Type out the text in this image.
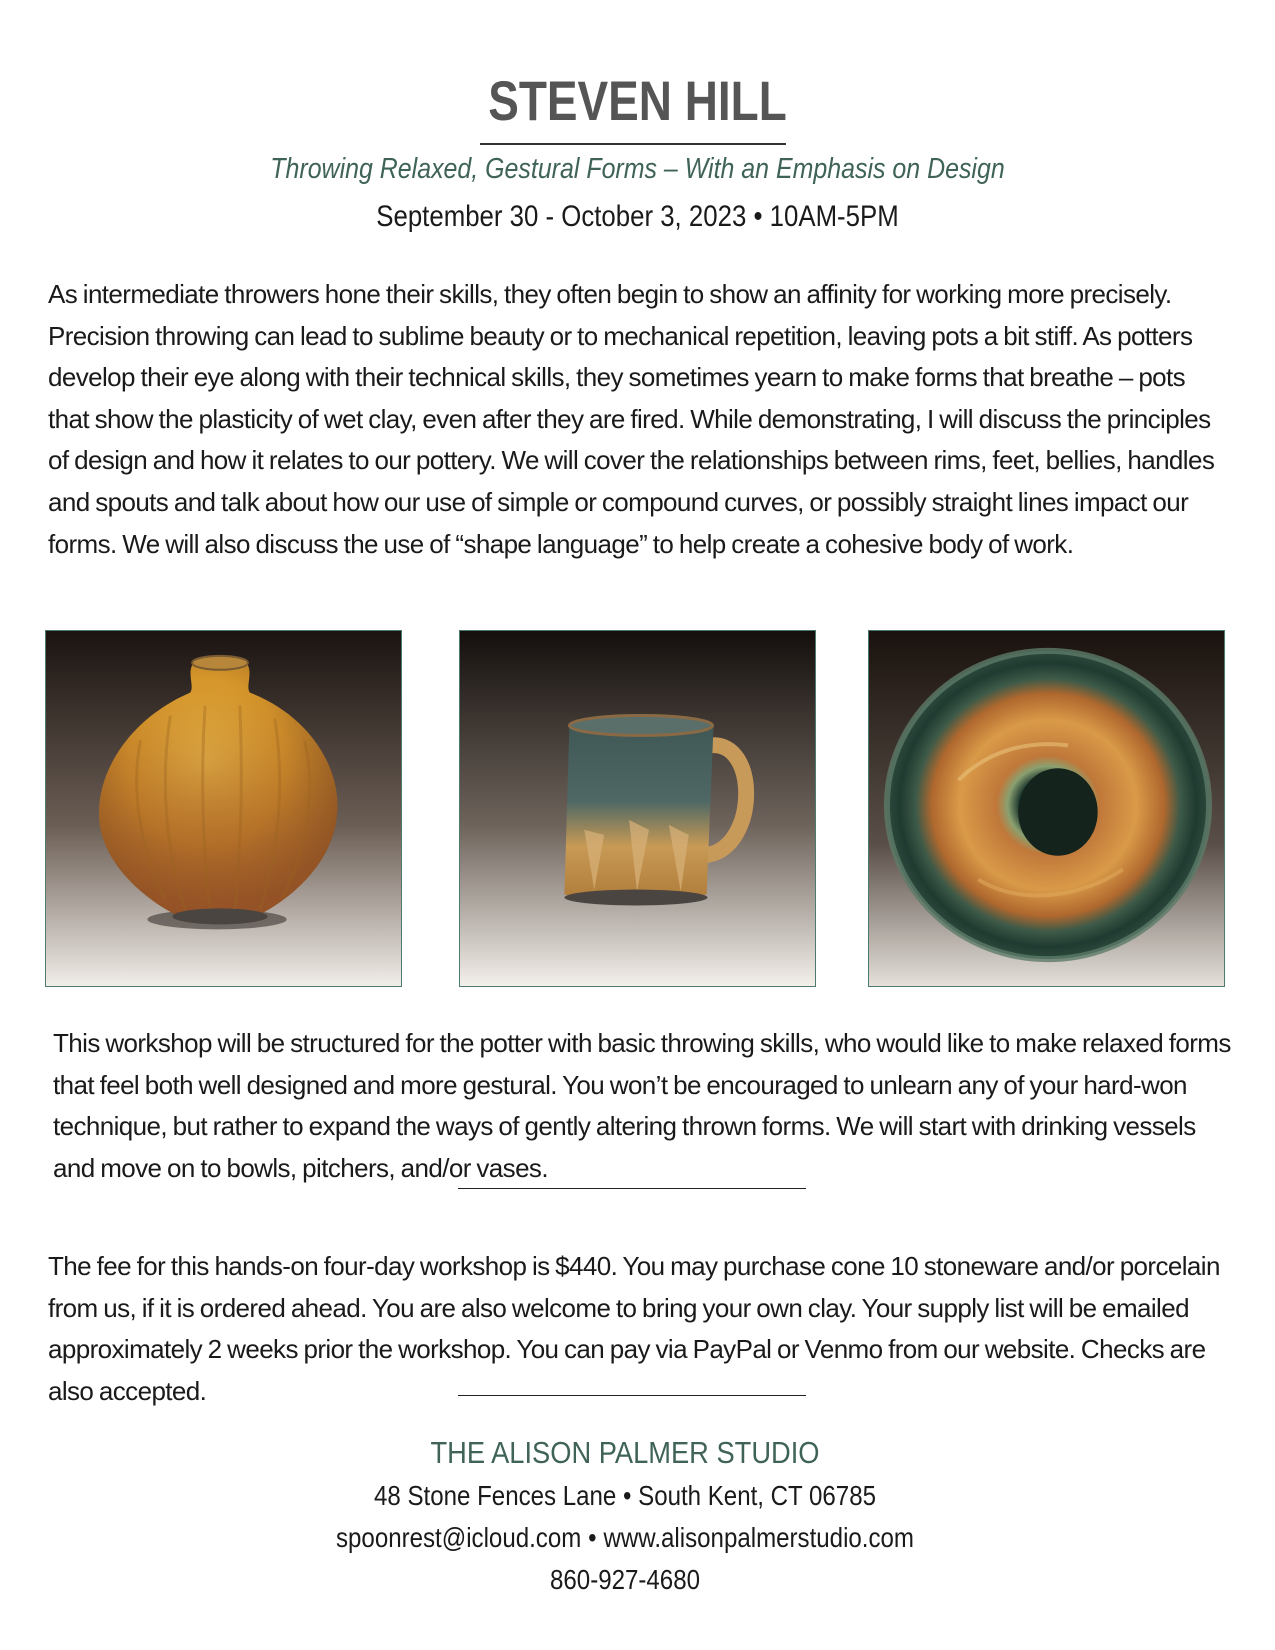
STEVEN HILL
Throwing Relaxed, Gestural Forms – With an Emphasis on Design
September 30 - October 3, 2023 • 10AM-5PM
As intermediate throwers hone their skills, they often begin to show an affinity for working more precisely. Precision throwing can lead to sublime beauty or to mechanical repetition, leaving pots a bit stiff. As potters develop their eye along with their technical skills, they sometimes yearn to make forms that breathe – pots that show the plasticity of wet clay, even after they are fired. While demonstrating, I will discuss the principles of design and how it relates to our pottery. We will cover the relationships between rims, feet, bellies, handles and spouts and talk about how our use of simple or compound curves, or possibly straight lines impact our forms. We will also discuss the use of “shape language” to help create a cohesive body of work.
This workshop will be structured for the potter with basic throwing skills, who would like to make relaxed forms that feel both well designed and more gestural. You won’t be encouraged to unlearn any of your hard-won technique, but rather to expand the ways of gently altering thrown forms. We will start with drinking vessels and move on to bowls, pitchers, and/or vases.
The fee for this hands-on four-day workshop is $440. You may purchase cone 10 stoneware and/or porcelain from us, if it is ordered ahead. You are also welcome to bring your own clay. Your supply list will be emailed approximately 2 weeks prior the workshop. You can pay via PayPal or Venmo from our website. Checks are also accepted.
THE ALISON PALMER STUDIO
48 Stone Fences Lane • South Kent, CT 06785
spoonrest@icloud.com • www.alisonpalmerstudio.com
860-927-4680
